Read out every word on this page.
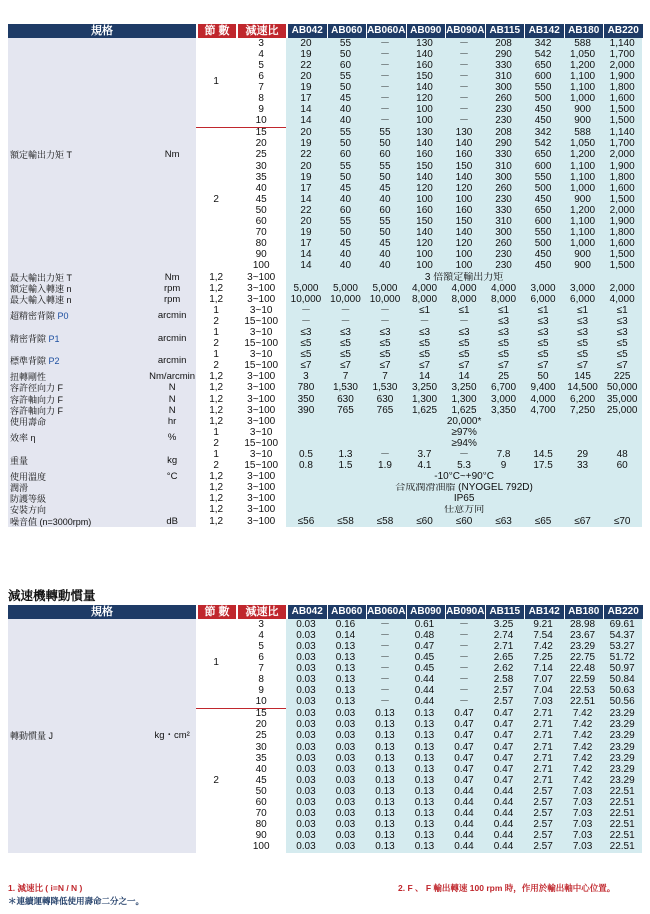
規格	節 數	減速比	AB042 AB060 AB060A AB090 AB090A AB115 AB142 AB180 AB220
減速機轉動慣量
規格	節 數	減速比	AB042 AB060 AB060A AB090 AB090A AB115 AB142 AB180 AB220

額定輸出力矩 T	Nm	1	3	20	55	－	130	－	208	342	588	1,140
			4	19	50	－	140	－	290	542	1,050	1,700
			5	22	60	－	160	－	330	650	1,200	2,000
			6	20	55	－	150	－	310	600	1,100	1,900
			7	19	50	－	140	－	300	550	1,100	1,800
			8	17	45	－	120	－	260	500	1,000	1,600
			9	14	40	－	100	－	230	450	900	1,500
			10	14	40	－	100	－	230	450	900	1,500
		2	15	20	55	55	130	130	208	342	588	1,140
			20	19	50	50	140	140	290	542	1,050	1,700
			25	22	60	60	160	160	330	650	1,200	2,000
			30	20	55	55	150	150	310	600	1,100	1,900
			35	19	50	50	140	140	300	550	1,100	1,800
			40	17	45	45	120	120	260	500	1,000	1,600
			45	14	40	40	100	100	230	450	900	1,500
			50	22	60	60	160	160	330	650	1,200	2,000
			60	20	55	55	150	150	310	600	1,100	1,900
			70	19	50	50	140	140	300	550	1,100	1,800
			80	17	45	45	120	120	260	500	1,000	1,600
			90	14	40	40	100	100	230	450	900	1,500
			100	14	40	40	100	100	230	450	900	1,500
最大輸出力矩 T	Nm	1,2	3~100	3 倍額定輸出力矩								
額定輸入轉速 n	rpm	1,2	3~100	5,000	5,000	5,000	4,000	4,000	4,000	3,000	3,000	2,000
最大輸入轉速 n	rpm	1,2	3~100	10,000	10,000	10,000	8,000	8,000	8,000	6,000	6,000	4,000
超精密背隙 P0	arcmin	1	3~10	－	－	－	≤1	≤1	≤1	≤1	≤1	≤1
		2	15~100	－	－	－	－	－	≤3	≤3	≤3	≤3
精密背隙 P1	arcmin	1	3~10	≤3	≤3	≤3	≤3	≤3	≤3	≤3	≤3	≤3
		2	15~100	≤5	≤5	≤5	≤5	≤5	≤5	≤5	≤5	≤5
標準背隙 P2	arcmin	1	3~10	≤5	≤5	≤5	≤5	≤5	≤5	≤5	≤5	≤5
		2	15~100	≤7	≤7	≤7	≤7	≤7	≤7	≤7	≤7	≤7
扭轉剛性	Nm/arcmin	1,2	3~100	3	7	7	14	14	25	50	145	225
容許徑向力 F	N	1,2	3~100	780	1,530	1,530	3,250	3,250	6,700	9,400	14,500	50,000
容許軸向力 F	N	1,2	3~100	350	630	630	1,300	1,300	3,000	4,000	6,200	35,000
容許軸向力 F	N	1,2	3~100	390	765	765	1,625	1,625	3,350	4,700	7,250	25,000
使用壽命	hr	1,2	3~100	20,000*								
效率 η	%	1	3~10	≥97%								
		2	15~100	≥94%								
重量	kg	1	3~10	0.5	1.3	－	3.7	－	7.8	14.5	29	48
		2	15~100	0.8	1.5	1.9	4.1	5.3	9	17.5	33	60
使用溫度	°C	1,2	3~100	-10°C~+90°C								
潤滑		1,2	3~100	合成潤滑油脂 (NYOGEL 792D)								
防護等級		1,2	3~100	IP65								
安裝方向		1,2	3~100	任意方向								
噪音值 (n=3000rpm)	dB	1,2	3~100	≤56	≤58	≤58	≤60	≤60	≤63	≤65	≤67	≤70

轉動慣量 J	kg・cm²	1	3	0.03	0.16	－	0.61	－	3.25	9.21	28.98	69.61
			4	0.03	0.14	－	0.48	－	2.74	7.54	23.67	54.37
			5	0.03	0.13	－	0.47	－	2.71	7.42	23.29	53.27
			6	0.03	0.13	－	0.45	－	2.65	7.25	22.75	51.72
			7	0.03	0.13	－	0.45	－	2.62	7.14	22.48	50.97
			8	0.03	0.13	－	0.44	－	2.58	7.07	22.59	50.84
			9	0.03	0.13	－	0.44	－	2.57	7.04	22.53	50.63
			10	0.03	0.13	－	0.44	－	2.57	7.03	22.51	50.56
		2	15	0.03	0.03	0.13	0.13	0.47	0.47	2.71	7.42	23.29
			20	0.03	0.03	0.13	0.13	0.47	0.47	2.71	7.42	23.29
			25	0.03	0.03	0.13	0.13	0.47	0.47	2.71	7.42	23.29
			30	0.03	0.03	0.13	0.13	0.47	0.47	2.71	7.42	23.29
			35	0.03	0.03	0.13	0.13	0.47	0.47	2.71	7.42	23.29
			40	0.03	0.03	0.13	0.13	0.47	0.47	2.71	7.42	23.29
			45	0.03	0.03	0.13	0.13	0.47	0.47	2.71	7.42	23.29
			50	0.03	0.03	0.13	0.13	0.44	0.44	2.57	7.03	22.51
			60	0.03	0.03	0.13	0.13	0.44	0.44	2.57	7.03	22.51
			70	0.03	0.03	0.13	0.13	0.44	0.44	2.57	7.03	22.51
			80	0.03	0.03	0.13	0.13	0.44	0.44	2.57	7.03	22.51
			90	0.03	0.03	0.13	0.13	0.44	0.44	2.57	7.03	22.51
			100	0.03	0.03	0.13	0.13	0.44	0.44	2.57	7.03	22.51
1. 減速比 ( i=N / N )
＊連續運轉降低使用壽命二分之一。
2. F 、 F 輸出轉速 100 rpm 時，作用於輸出軸中心位置。
